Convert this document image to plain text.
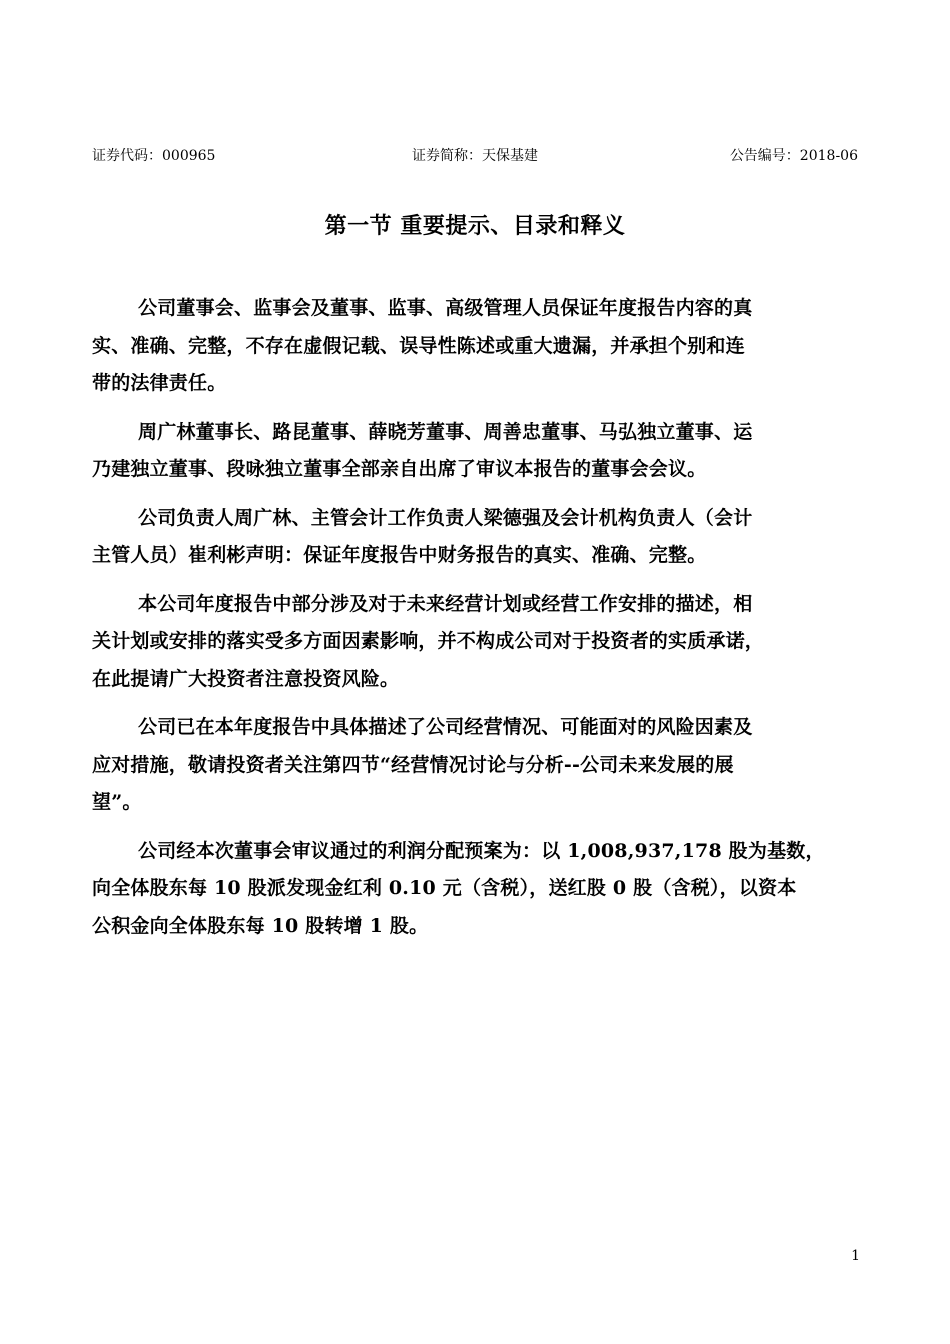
证券代码：000965	证券简称：天保基建	公告编号：2018-06
第一节 重要提示、目录和释义

公司董事会、监事会及董事、监事、高级管理人员保证年度报告内容的真
实、准确、完整，不存在虚假记载、误导性陈述或重大遗漏，并承担个别和连
带的法律责任。

周广林董事长、路昆董事、薛晓芳董事、周善忠董事、马弘独立董事、运
乃建独立董事、段咏独立董事全部亲自出席了审议本报告的董事会会议。

公司负责人周广林、主管会计工作负责人梁德强及会计机构负责人（会计
主管人员）崔利彬声明：保证年度报告中财务报告的真实、准确、完整。

本公司年度报告中部分涉及对于未来经营计划或经营工作安排的描述，相
关计划或安排的落实受多方面因素影响，并不构成公司对于投资者的实质承诺，
在此提请广大投资者注意投资风险。

公司已在本年度报告中具体描述了公司经营情况、可能面对的风险因素及
应对措施，敬请投资者关注第四节“经营情况讨论与分析--公司未来发展的展
望”。

公司经本次董事会审议通过的利润分配预案为：以 1,008,937,178 股为基数，
向全体股东每 10 股派发现金红利 0.10 元（含税），送红股 0 股（含税），以资本
公积金向全体股东每 10 股转增 1 股。

1
